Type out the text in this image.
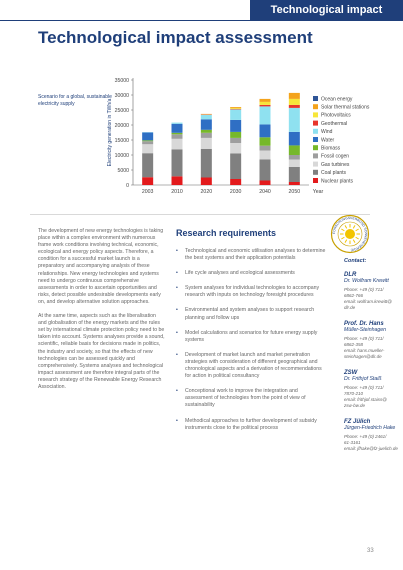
Technological impact
Technological impact assessment
Scenario for a global, sustainable electricity supply
0
5000
10000
15000
20000
25000
30000
35000
Electricity generation in TWh/a
2003	2010	2020	2030	2040	2050 Year
Ocean energy
Solar thermal stations
Photovoltaics
Geothermal
Wind
Water
Biomass
Fossil cogen
Gas turbines
Coal plants
Nuclear plants
FORSCHUNGSVERBUND SONNENENERGIE

The development of new energy technologies is taking place within a complex environment with numerous frame work conditions involving technical, economic, ecological and energy policy aspects. Therefore, a condition for a successful market launch is a preparatory and accompanying analysis of these relationships. New energy technologies and systems need to undergo continuous comprehensive assessments in order to ascertain opportunities and risks, detect possible undesirable developments early on, and develop alternative solution approaches.

At the same time, aspects such as the liberalisation and globalisation of the energy markets and the rules set by international climate protection policy need to be taken into account. Systems analyses provide a sound, scientific, reliable basis for decisions made in politics, the industry and society, so that the effects of new technologies can be assessed quickly and comprehensively. Systems analyses and technological impact assessment are therefore integral parts of the research strategy of the Renewable Energy Research Association.

Research requirements
• Technological and economic utilisation analyses to determine the best systems and their application potentials
• Life cycle analyses and ecological assessments
• System analyses for individual technologies to accompany research with inputs on technology foresight procedures
• Environmental and system analyses to support research planning and follow ups
• Model calculations and scenarios for future energy supply systems
• Development of market launch and market penetration strategies with consideration of different geographical and chronological aspects and a derivation of recommendations for action in political consultancy
• Conceptional work to improve the integration and assessment of technologies from the point of view of sustainability
• Methodical approaches to further development of subsidy instruments close to the political process
Contact:
DLR
Dr. Wolfram Krewitt
Phone: +49 (0) 711/
6862-766
email: wolfram.krewitt@
dlr.de
Prof. Dr. Hans
Müller-Steinhagen
Phone: +49 (0) 711/
6862-358
email: hans.mueller-
steinhagen@dlr.de
ZSW
Dr. Frithjof Staiß
Phone: +49 (0) 711/
7870-210
email: frithjof.staiss@
zsw-bw.de
FZ Jülich
Jürgen-Friedrich Hake
Phone: +49 (0) 2461/
61-3161
email: jfhake@fz-juelich.de
33
